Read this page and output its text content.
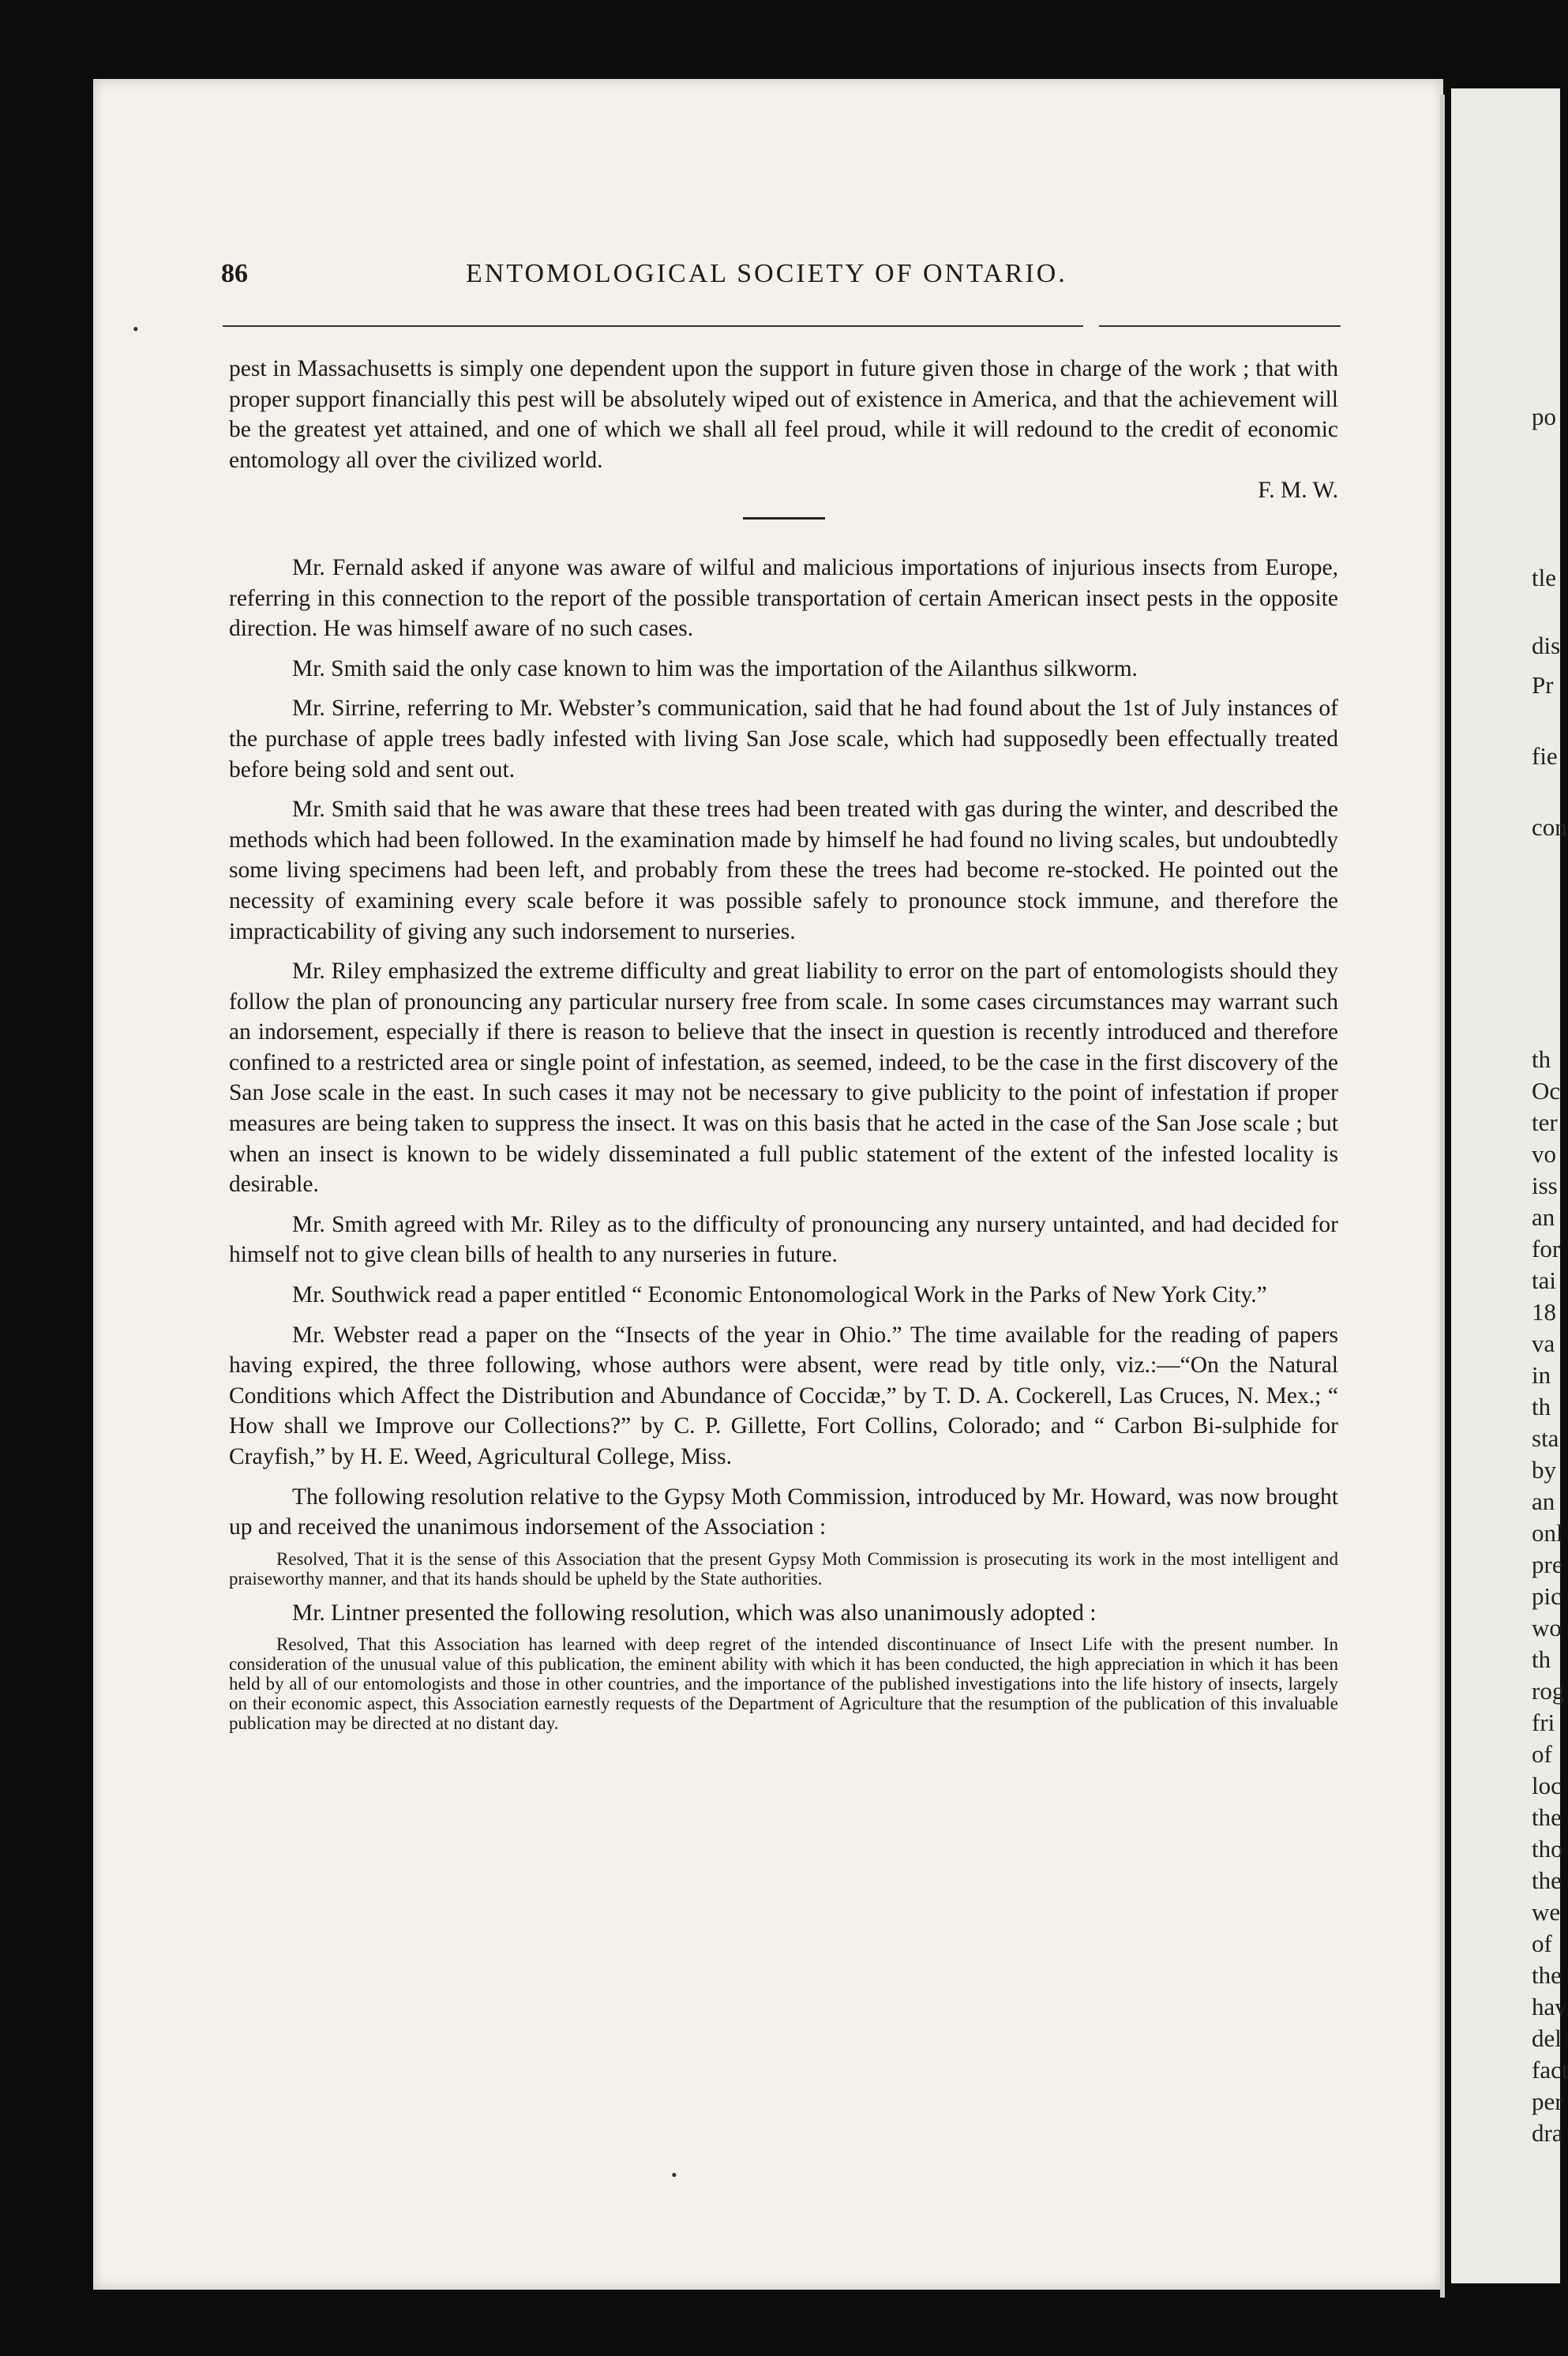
86	ENTOMOLOGICAL SOCIETY OF ONTARIO.
•

pest in Massachusetts is simply one dependent upon the support in future given those in charge of the work ; that with proper support financially this pest will be absolutely wiped out of existence in America, and that the achievement will be the greatest yet attained, and one of which we shall all feel proud, while it will redound to the credit of economic entomology all over the civilized world.

F. M. W.

Mr. Fernald asked if anyone was aware of wilful and malicious importations of injurious insects from Europe, referring in this connection to the report of the possible transportation of certain American insect pests in the opposite direction. He was himself aware of no such cases.

Mr. Smith said the only case known to him was the importation of the Ailanthus silkworm.

Mr. Sirrine, referring to Mr. Webster’s communication, said that he had found about the 1st of July instances of the purchase of apple trees badly infested with living San Jose scale, which had supposedly been effectually treated before being sold and sent out.

Mr. Smith said that he was aware that these trees had been treated with gas during the winter, and described the methods which had been followed. In the examination made by himself he had found no living scales, but undoubtedly some living specimens had been left, and probably from these the trees had become re-stocked. He pointed out the necessity of examining every scale before it was possible safely to pronounce stock immune, and therefore the impracticability of giving any such indorsement to nurseries.

Mr. Riley emphasized the extreme difficulty and great liability to error on the part of entomologists should they follow the plan of pronouncing any particular nursery free from scale. In some cases circumstances may warrant such an indorsement, especially if there is reason to believe that the insect in question is recently introduced and therefore confined to a restricted area or single point of infestation, as seemed, indeed, to be the case in the first discovery of the San Jose scale in the east. In such cases it may not be necessary to give publicity to the point of infestation if proper measures are being taken to suppress the insect. It was on this basis that he acted in the case of the San Jose scale ; but when an insect is known to be widely disseminated a full public statement of the extent of the infested locality is desirable.

Mr. Smith agreed with Mr. Riley as to the difficulty of pronouncing any nursery untainted, and had decided for himself not to give clean bills of health to any nurseries in future.

Mr. Southwick read a paper entitled “ Economic Entonomological Work in the Parks of New York City.”

Mr. Webster read a paper on the “Insects of the year in Ohio.” The time available for the reading of papers having expired, the three following, whose authors were absent, were read by title only, viz.:—“On the Natural Conditions which Affect the Distribution and Abundance of Coccidæ,” by T. D. A. Cockerell, Las Cruces, N. Mex.; “ How shall we Improve our Collections?” by C. P. Gillette, Fort Collins, Colorado; and “ Carbon Bi-sulphide for Crayfish,” by H. E. Weed, Agricultural College, Miss.

The following resolution relative to the Gypsy Moth Commission, introduced by Mr. Howard, was now brought up and received the unanimous indorsement of the Association :

Resolved, That it is the sense of this Association that the present Gypsy Moth Commission is prosecuting its work in the most intelligent and praiseworthy manner, and that its hands should be upheld by the State authorities.

Mr. Lintner presented the following resolution, which was also unanimously adopted :

Resolved, That this Association has learned with deep regret of the intended discontinuance of Insect Life with the present number. In consideration of the unusual value of this publication, the eminent ability with which it has been conducted, the high appreciation in which it has been held by all of our entomologists and those in other countries, and the importance of the published investigations into the life history of insects, largely on their economic aspect, this Association earnestly requests of the Department of Agriculture that the resumption of the publication of this invaluable publication may be directed at no distant day.

•
po
tle
dis
Pr
fie
con
th
Oc
ter
vo
iss
an
for
tai
18
va
in
th
sta
by
an
onl
pre
pic
wo
th
rog
fri
of
loc
the
tho
the
we
of
the
hav
del
fact
per
dra
